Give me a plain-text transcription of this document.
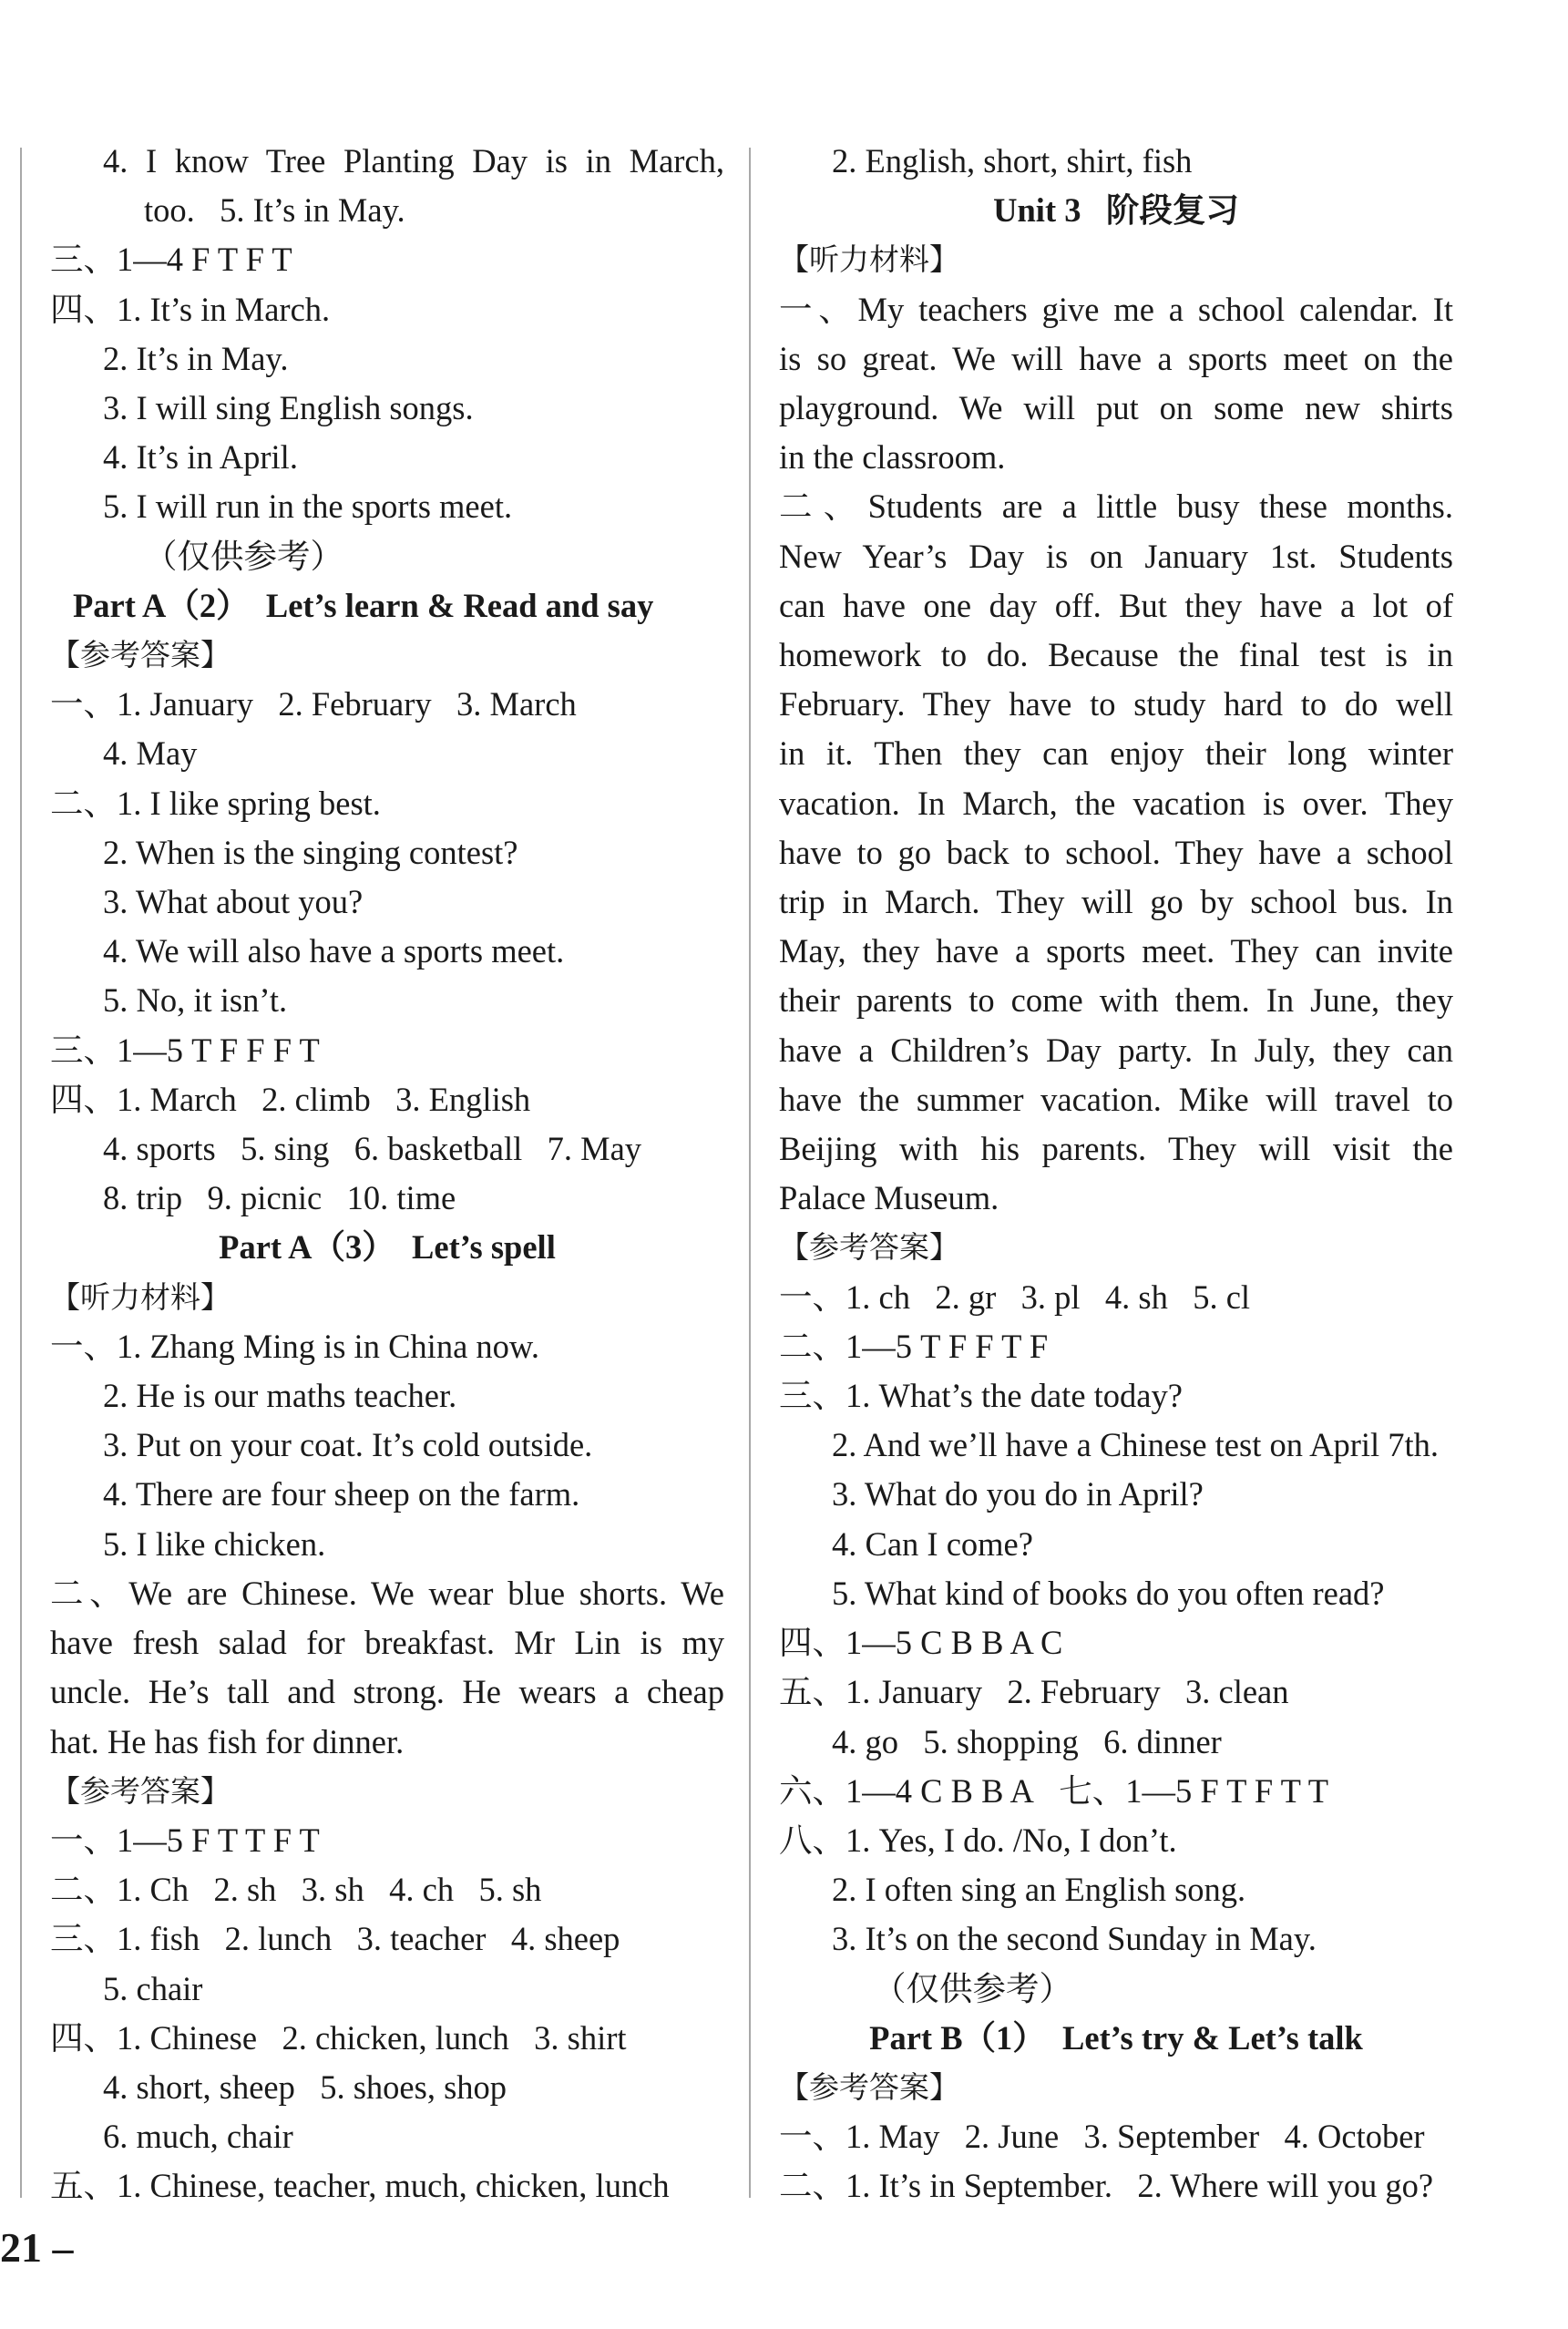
4. I know Tree Planting Day is in March,
too.   5. It’s in May.
三、1—4 F T F T
四、1. It’s in March.
2. It’s in May.
3. I will sing English songs.
4. It’s in April.
5. I will run in the sports meet.
（仅供参考）
Part A（2）  Let’s learn & Read and say
【参考答案】
一、1. January   2. February   3. March
4. May
二、1. I like spring best.
2. When is the singing contest?
3. What about you?
4. We will also have a sports meet.
5. No, it isn’t.
三、1—5 T F F F T
四、1. March   2. climb   3. English
4. sports   5. sing   6. basketball   7. May
8. trip   9. picnic   10. time
Part A（3）  Let’s spell
【听力材料】
一、1. Zhang Ming is in China now.
2. He is our maths teacher.
3. Put on your coat. It’s cold outside.
4. There are four sheep on the farm.
5. I like chicken.
二、We are Chinese. We wear blue shorts. We
have fresh salad for breakfast. Mr Lin is my
uncle. He’s tall and strong. He wears a cheap
hat. He has fish for dinner.
【参考答案】
一、1—5 F T T F T
二、1. Ch   2. sh   3. sh   4. ch   5. sh
三、1. fish   2. lunch   3. teacher   4. sheep
5. chair
四、1. Chinese   2. chicken, lunch   3. shirt
4. short, sheep   5. shoes, shop
6. much, chair
五、1. Chinese, teacher, much, chicken, lunch
2. English, short, shirt, fish
Unit 3   阶段复习
【听力材料】
一、My teachers give me a school calendar. It
is so great. We will have a sports meet on the
playground. We will put on some new shirts
in the classroom.
二、Students are a little busy these months.
New Year’s Day is on January 1st. Students
can have one day off. But they have a lot of
homework to do. Because the final test is in
February. They have to study hard to do well
in it. Then they can enjoy their long winter
vacation. In March, the vacation is over. They
have to go back to school. They have a school
trip in March. They will go by school bus. In
May, they have a sports meet. They can invite
their parents to come with them. In June, they
have a Children’s Day party. In July, they can
have the summer vacation. Mike will travel to
Beijing with his parents. They will visit the
Palace Museum.
【参考答案】
一、1. ch   2. gr   3. pl   4. sh   5. cl
二、1—5 T F F T F
三、1. What’s the date today?
2. And we’ll have a Chinese test on April 7th.
3. What do you do in April?
4. Can I come?
5. What kind of books do you often read?
四、1—5 C B B A C
五、1. January   2. February   3. clean
4. go   5. shopping   6. dinner
六、1—4 C B B A   七、1—5 F T F T T
八、1. Yes, I do. /No, I don’t.
2. I often sing an English song.
3. It’s on the second Sunday in May.
（仅供参考）
Part B（1）  Let’s try & Let’s talk
【参考答案】
一、1. May   2. June   3. September   4. October
二、1. It’s in September.   2. Where will you go?
21 –
